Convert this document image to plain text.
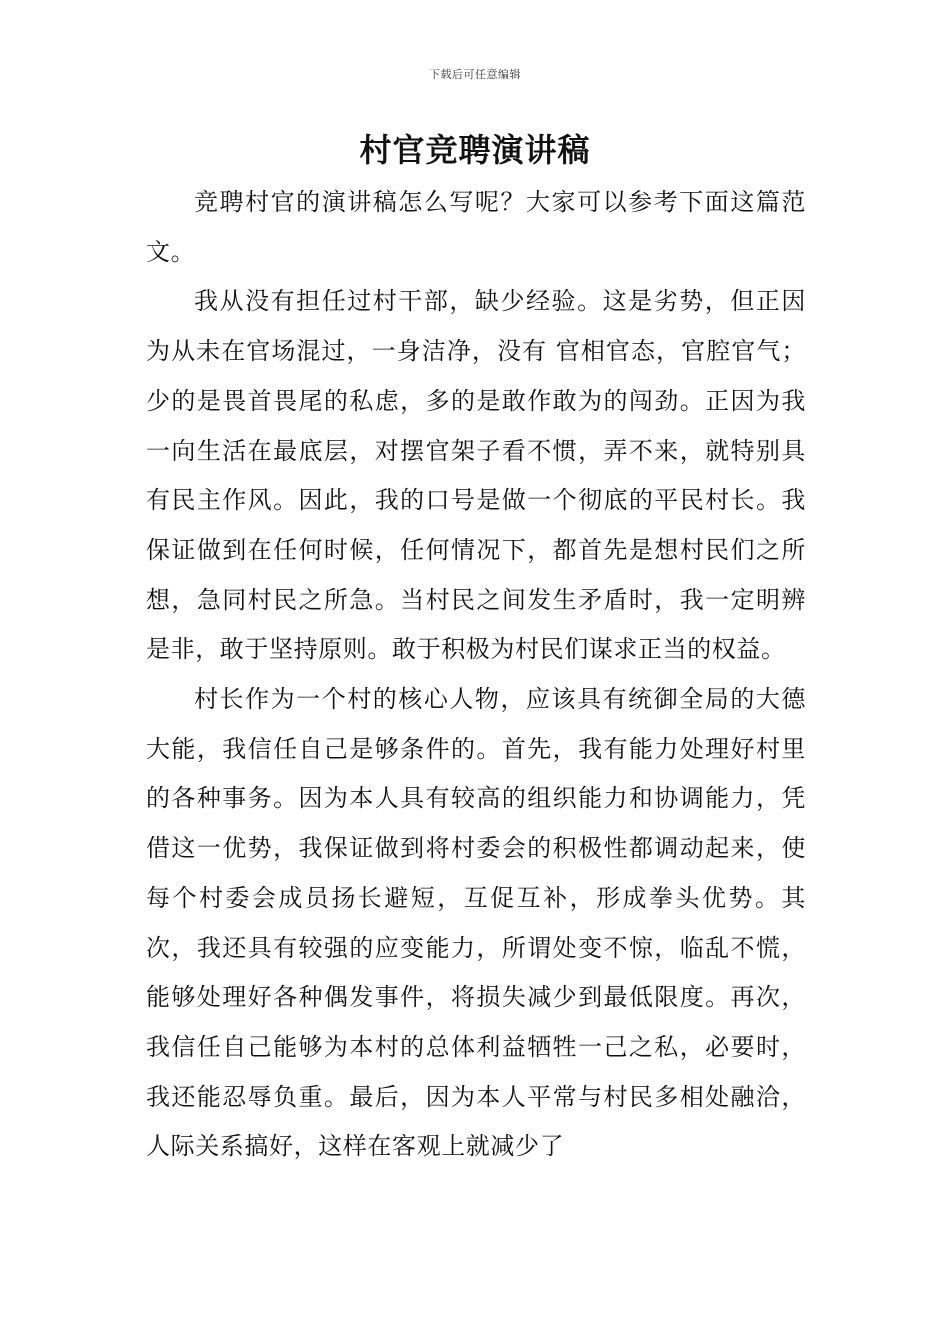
下载后可任意编辑
村官竞聘演讲稿

竞聘村官的演讲稿怎么写呢？大家可以参考下面这篇范文。

我从没有担任过村干部，缺少经验。这是劣势，但正因为从未在官场混过，一身洁净，没有 官相官态，官腔官气；少的是畏首畏尾的私虑，多的是敢作敢为的闯劲。正因为我一向生活在最底层，对摆官架子看不惯，弄不来，就特别具有民主作风。因此，我的口号是做一个彻底的平民村长。我保证做到在任何时候，任何情况下，都首先是想村民们之所想，急同村民之所急。当村民之间发生矛盾时，我一定明辨是非，敢于坚持原则。敢于积极为村民们谋求正当的权益。

村长作为一个村的核心人物，应该具有统御全局的大德大能，我信任自己是够条件的。首先，我有能力处理好村里的各种事务。因为本人具有较高的组织能力和协调能力，凭借这一优势，我保证做到将村委会的积极性都调动起来，使每个村委会成员扬长避短，互促互补，形成拳头优势。其次，我还具有较强的应变能力，所谓处变不惊，临乱不慌，能够处理好各种偶发事件，将损失减少到最低限度。再次，我信任自己能够为本村的总体利益牺牲一己之私，必要时，我还能忍辱负重。最后，因为本人平常与村民多相处融洽，人际关系搞好，这样在客观上就减少了
